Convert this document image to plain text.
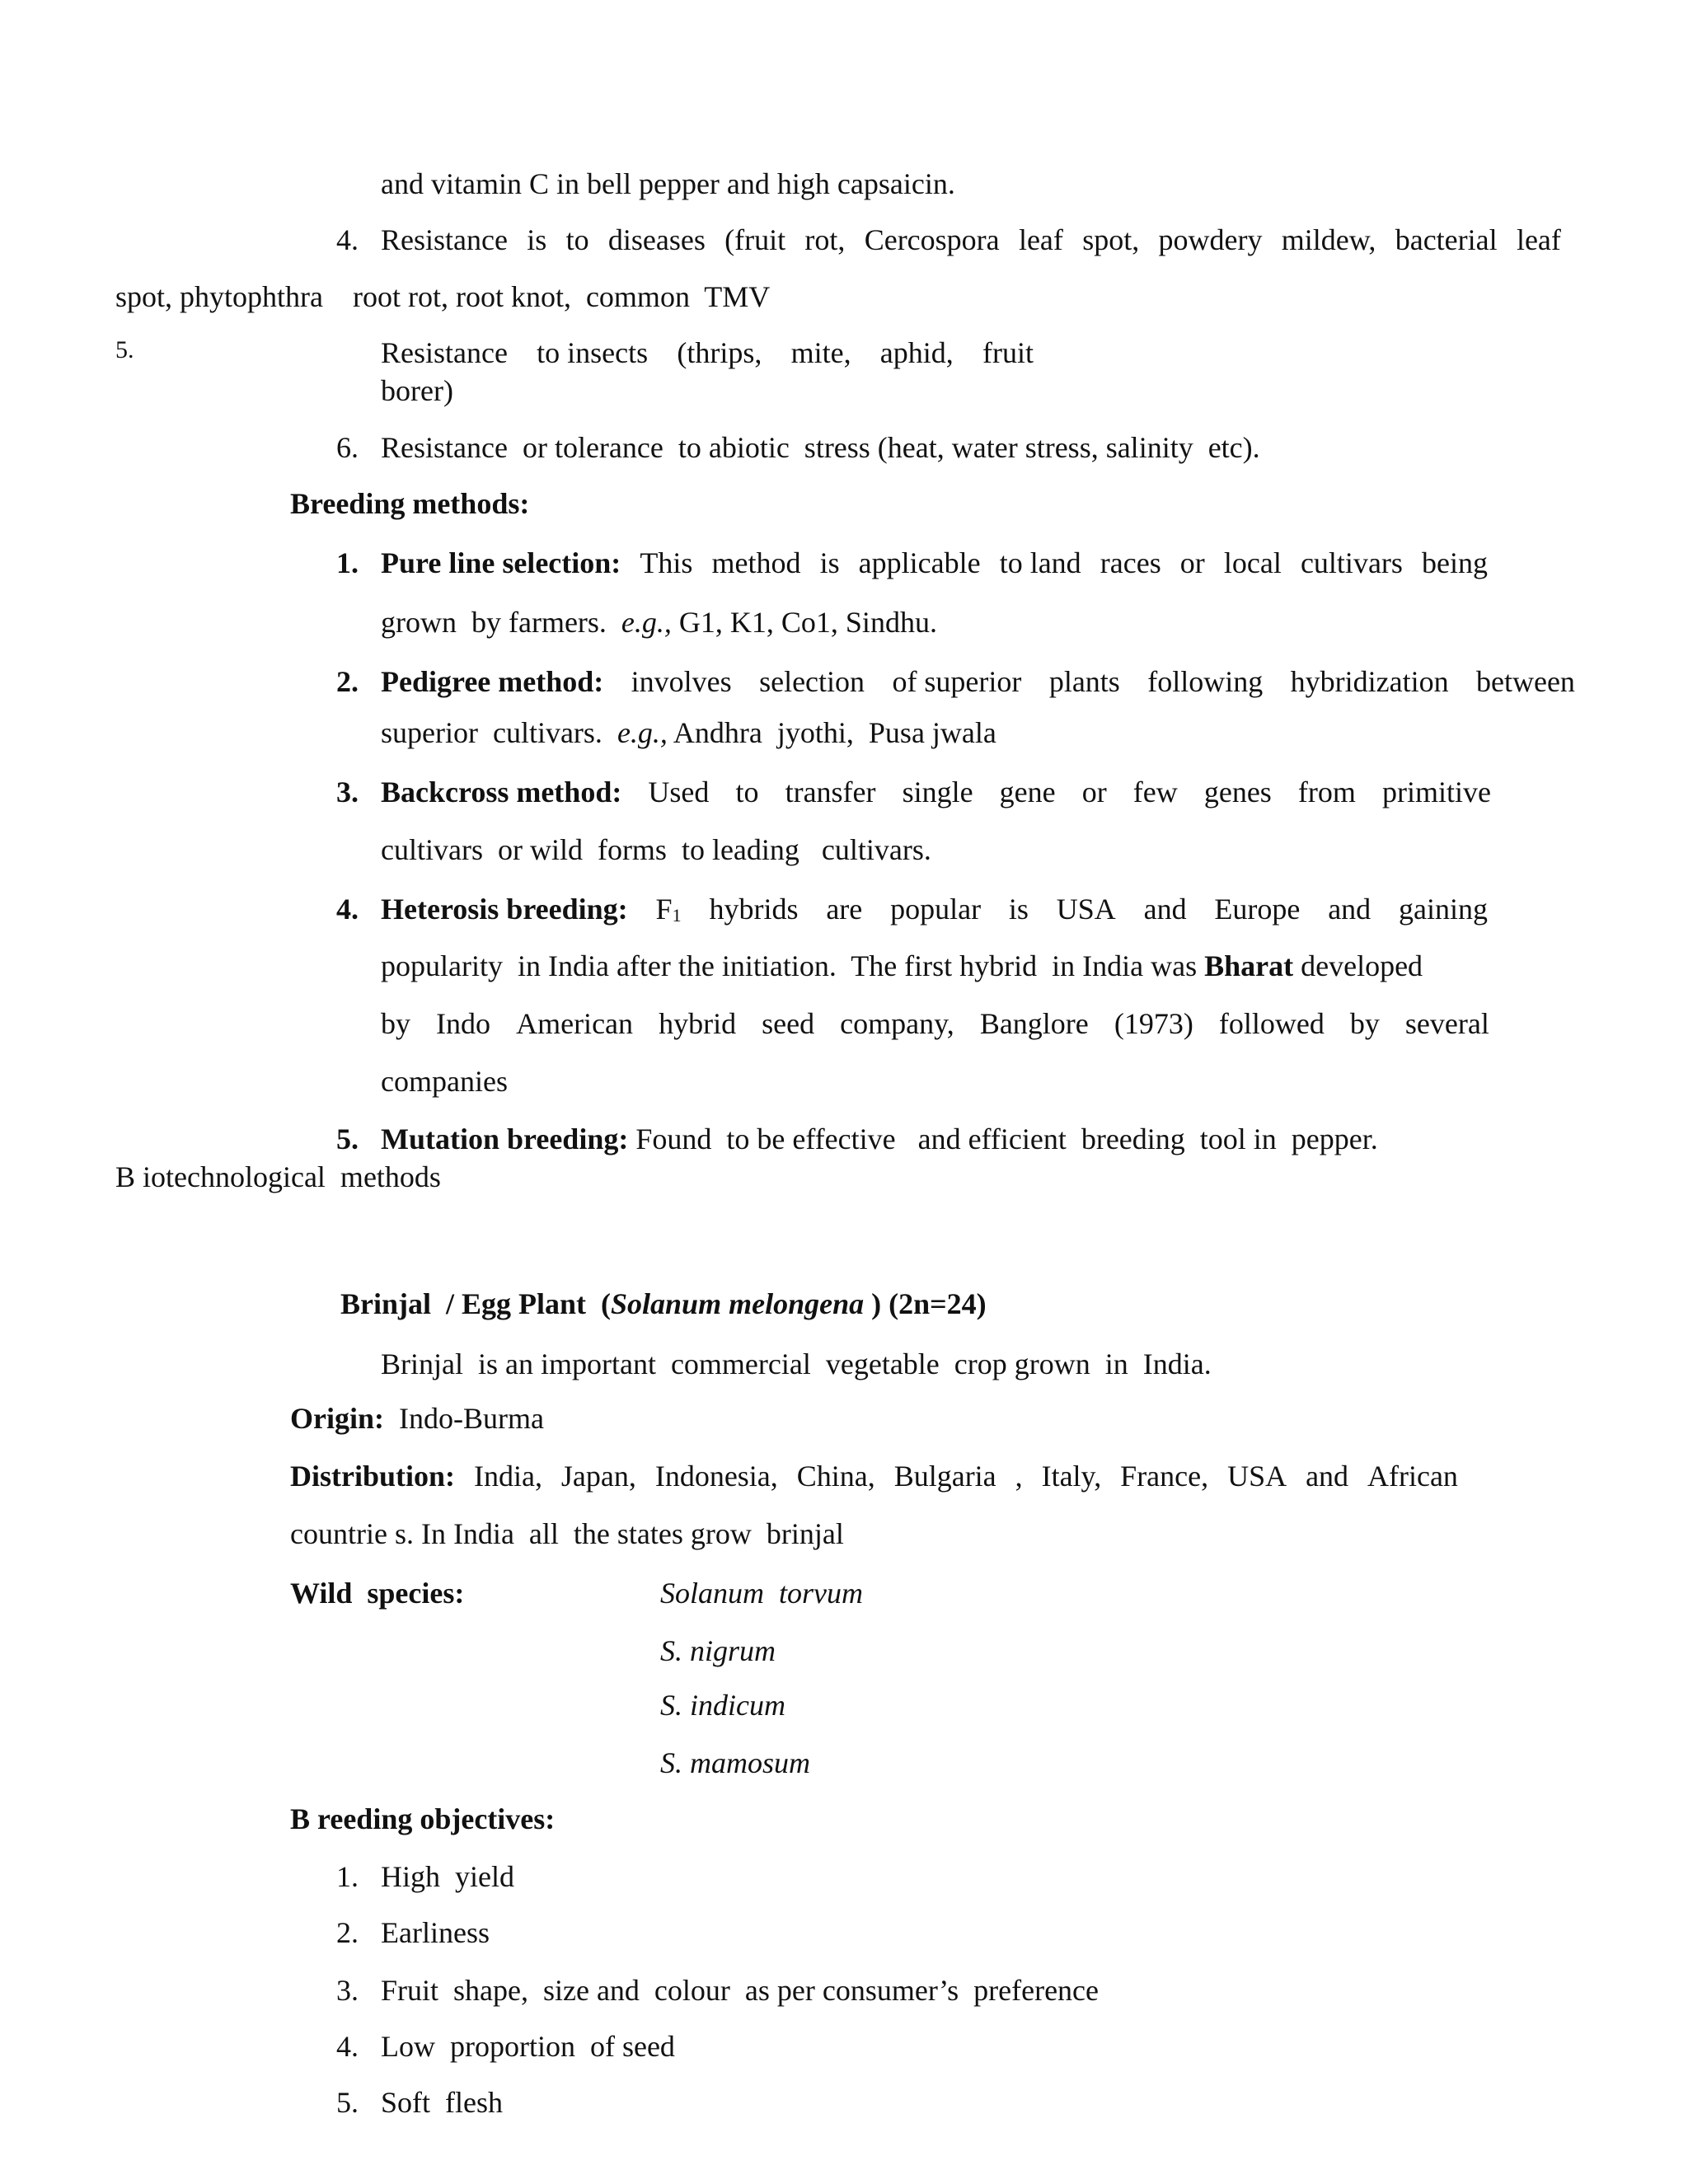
and vitamin C in bell pepper and high capsaicin.
4. Resistance is to diseases (fruit rot, Cercospora leaf spot, powdery mildew, bacterial leaf
spot, phytophthra    root rot, root knot,  common  TMV
5.	Resistance to insects (thrips, mite, aphid, fruit
borer)
6. Resistance  or tolerance  to abiotic  stress (heat, water stress, salinity  etc).
Breeding methods:
1. Pure line selection: This method is applicable to land races or local cultivars being
grown  by farmers.  e.g., G1, K1, Co1, Sindhu.
2. Pedigree method: involves selection of superior plants following hybridization between
superior  cultivars.  e.g., Andhra  jyothi,  Pusa jwala
3. Backcross method: Used to transfer single gene or few genes from primitive
cultivars  or wild  forms  to leading   cultivars.
4. Heterosis breeding: $F_1$ hybrids are popular is USA and Europe and gaining
popularity  in India after the initiation.  The first hybrid  in India was Bharat developed
by Indo American hybrid seed company, Banglore (1973) followed by several
companies
5. Mutation breeding: Found  to be effective   and efficient  breeding  tool in  pepper.
B iotechnological  methods
Brinjal  / Egg Plant  (Solanum melongena ) (2n=24)
Brinjal  is an important  commercial  vegetable  crop grown  in  India.
Origin:  Indo-Burma
Distribution: India, Japan, Indonesia, China, Bulgaria , Italy, France, USA and African
countrie s. In India  all  the states grow  brinjal
Wild  species:	Solanum  torvum
S. nigrum
S. indicum
S. mamosum
B reeding objectives:
1. High  yield
2. Earliness
3. Fruit  shape,  size and  colour  as per consumer’s  preference
4. Low  proportion  of seed
5. Soft  flesh
